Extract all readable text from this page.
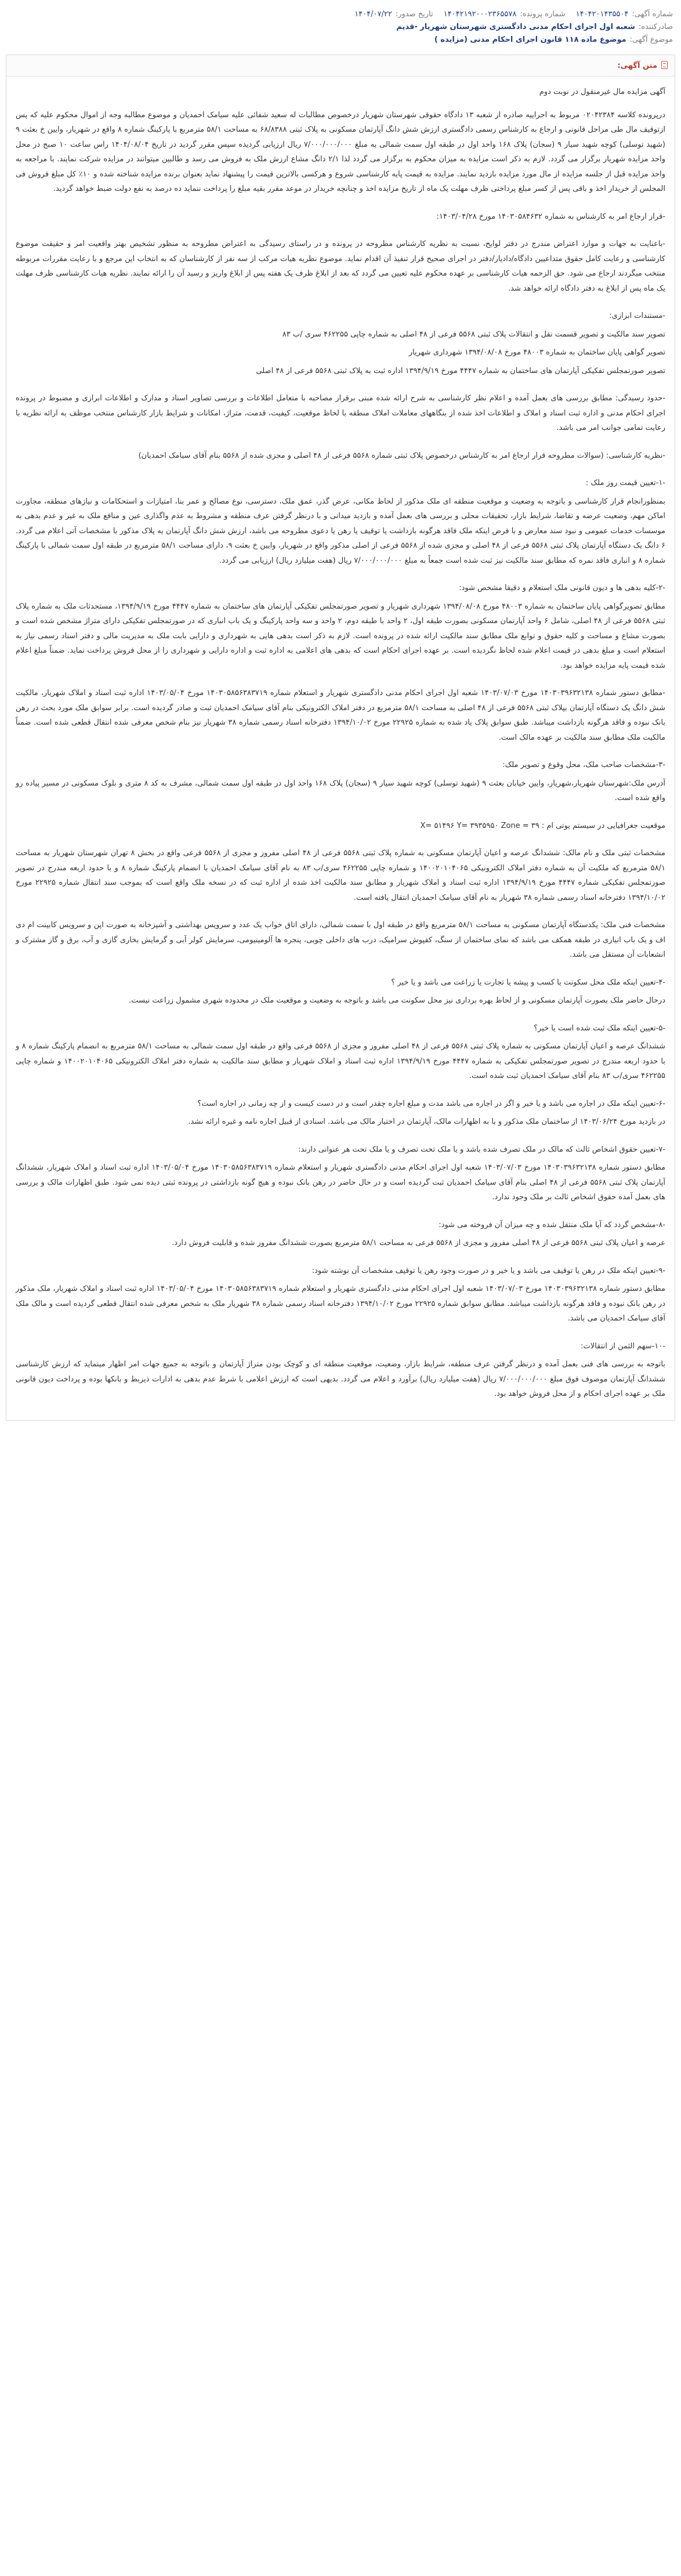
شماره آگهی:
۱۴۰۴۲۰۱۴۳۵۵۰۴
شماره پرونده:
۱۴۰۴۲۱۹۲۰۰۰۲۳۶۵۵۷۸
تاریخ صدور:
۱۴۰۴/۰۷/۲۲
صادرکننده:
شعبه اول اجرای احکام مدنی دادگستری شهرستان شهریار -قدیم
موضوع آگهی:
موضوع ماده ۱۱۸ قانون اجرای احکام مدنی (مزایده )
متن آگهی:

آگهی مزایده مال غیرمنقول در نوبت دوم

درپرونده کلاسه ۰۲۰۴۲۳۸۴ مربوط به اجراییه صادره از شعبه ۱۳ دادگاه حقوقی شهرستان شهریار درخصوص مطالبات له سعید شفائی علیه سیامک احمدیان و موضوع مطالبه وجه از اموال محکوم علیه که پس ازتوقیف مال طی مراحل قانونی و ارجاع به کارشناس رسمی دادگستری ارزش شش دانگ آپارتمان مسکونی به پلاک ثبتی ۶۸/۸۳۸۸ به مساحت ۵۸/۱ مترمربع با پارکینگ شماره ۸ واقع در شهریار، وایین خ بعثت ۹ (شهید توسلی) کوچه شهید سیار ۹ (سجان) پلاک ۱۶۸ واحد اول در طبقه اول سمت شمالی به مبلغ ۷/۰۰۰/۰۰۰/۰۰۰ ریال ارزیابی گردیده سپس مقرر گردید در تاریخ ۱۴۰۴/۰۸/۰۴ راس ساعت ۱۰ صبح در محل واحد مزایده شهریار برگزار می گردد. لازم به ذکر است مزایده به میزان محکوم به برگزار می گردد لذا ۲/۱ دانگ مشاع ارزش ملک به فروش می رسد و طالبین میتوانند در مزایده شرکت نمایند. با مراجعه به واحد مزایده قبل از جلسه مزایده از مال مورد مزایده بازدید نمایند. مزایده به قیمت پایه کارشناسی شروع و هرکسی بالاترین قیمت را پیشنهاد نماید بعنوان برنده مزایده شناخته شده و ۱۰٪ کل مبلغ فروش فی المجلس از خریدار اخذ و باقی پس از کسر مبلغ پرداختی ظرف مهلت یک ماه از تاریخ مزایده اخذ و چنانچه خریدار در موعد مقرر بقیه مبلغ را پرداخت ننماید ده درصد به نفع دولت ضبط خواهد گردید.

-قرار ارجاع امر به کارشناس به شماره ۱۴۰۳۰۵۸۴۶۳۲ مورخ ۱۴۰۳/۰۴/۲۸:

-باعنایت به جهات و موارد اعتراض مندرج در دفتر لوایح، نسبت به نظریه کارشناس مطروحه در پرونده و در راستای رسیدگی به اعتراض مطروحه به منظور تشخیص بهتر واقعیت امر و حقیقت موضوع کارشناسی و رعایت کامل حقوق متداعیین دادگاه/داديار/دفتر در اجرای صحیح قرار تنفیذ آن اقدام نماید. موضوع نظریه هیات مرکب از سه نفر از کارشناسان که به انتخاب این مرجع و با رعایت مقررات مربوطه منتخب میگردند ارجاع می شود. حق الزحمه هیات کارشناسی بر عهده محکوم علیه تعیین می گردد که بعد از ابلاغ ظرف یک هفته پس از ابلاغ واریز و رسید آن را ارائه نمایند. نظریه هیات کارشناسی ظرف مهلت یک ماه پس از ابلاغ به دفتر دادگاه ارائه خواهد شد.

-مستندات ابرازی:

تصویر سند مالکیت و تصویر قسمت نقل و انتقالات پلاک ثبتی ۵۵۶۸ فرعی از ۴۸ اصلی به شماره چاپی ۴۶۲۲۵۵ سری /ب ۸۳

تصویر گواهی پایان ساختمان به شماره ۴۸۰۰۳ مورخ ۱۳۹۴/۰۸/۰۸ شهرداری شهریار

تصویر صورتمجلس تفکیکی آپارتمان های ساختمان به شماره ۴۴۴۷ مورخ ۱۳۹۴/۹/۱۹ اداره ثبت به پلاک ثبتی ۵۵۶۸ فرعی از ۴۸ اصلی

-حدود رسیدگی: مطابق بررسی های بعمل آمده و اعلام نظر کارشناسی به شرح ارائه شده مبنی برقرار مصاحبه با متعامل اطلاعات و بررسی تصاویر اسناد و مدارک و اطلاعات ابرازی و مضبوط در پرونده اجرای احکام مدنی و اداره ثبت اسناد و املاک و اطلاعات اخذ شده از بنگاههای معاملات املاک منطقه با لحاظ موقعیت، کیفیت، قدمت، متراژ، امکانات و شرایط بازار کارشناس منتخب موظف به ارائه نظریه با رعایت تمامی جوانب امر می باشد.

-نظریه کارشناسی: (سوالات مطروحه قرار ارجاع امر به کارشناس درخصوص پلاک ثبتی شماره ۵۵۶۸ فرعی از ۴۸ اصلی و مجزی شده از ۵۵۶۸ بنام آقای سیامک احمدیان)

-۱-تعیین قیمت روز ملک :

بمنظورانجام قرار کارشناسی و باتوجه به وضعیت و موقعیت منطقه ای ملک مذکور از لحاظ مکانی، عرض گذر، عمق ملک، دسترسی، نوع مصالح و عمر بنا، امتیازات و استحکامات و نیازهای منطقه، مجاورت اماکن مهم، وضعیت عرضه و تقاضا، شرایط بازار، تحقیقات محلی و بررسی های بعمل آمده و بازدید میدانی و با درنظر گرفتن عرف منطقه و مشروط به عدم واگذاری عین و منافع ملک به غیر و عدم بدهی به موسسات خدمات عمومی و نبود سند معارض و با فرض اینکه ملک فاقد هرگونه بازداشت یا توقیف یا رهن یا دعوی مطروحه می باشد، ارزش شش دانگ آپارتمان به پلاک مذکور با مشخصات آتی اعلام می گردد. ۶ دانگ یک دستگاه آپارتمان پلاک ثبتی ۵۵۶۸ فرعی از ۴۸ اصلی و مجزی شده از ۵۵۶۸ فرعی از اصلی مذکور واقع در شهریار، وایین خ بعثت ۹، دارای مساحت ۵۸/۱ مترمربع در طبقه اول سمت شمالی با پارکینگ شماره ۸ و انباری فاقد نمره که مطابق سند مالکیت نیز ثبت شده است جمعاً به مبلغ ۷/۰۰۰/۰۰۰/۰۰۰ ریال (هفت میلیارد ریال) ارزیابی می گردد.

-۲-کلیه بدهی ها و دیون قانونی ملک استعلام و دقیقا مشخص شود:

مطابق تصویرگواهی پایان ساختمان به شماره ۴۸۰۰۳ مورخ ۱۳۹۴/۰۸/۰۸ شهرداری شهریار و تصویر صورتمجلس تفکیکی آپارتمان های ساختمان به شماره ۴۴۴۷ مورخ ۱۳۹۴/۹/۱۹، مستحدثات ملک به شماره پلاک ثبتی ۵۵۶۸ فرعی از ۴۸ اصلی، شامل ۶ واحد آپارتمان مسکونی بصورت طبقه اول، ۲ واحد با طبقه دوم، ۲ واحد و سه واحد پارکینگ و یک باب انباری که در صورتمجلس تفکیکی دارای متراژ مشخص شده است و بصورت مشاع و مساحت و کلیه حقوق و توابع ملک مطابق سند مالکیت ارائه شده در پرونده است. لازم به ذکر است بدهی هایی به شهرداری و دارایی بابت ملک به مدیریت مالی و دفتر اسناد رسمی نیاز به استعلام است و مبلغ بدهی در قیمت اعلام شده لحاظ نگردیده است. بر عهده اجرای احکام است که بدهی های اعلامی به اداره ثبت و اداره دارایی و شهرداری را از محل فروش پرداخت نماید. ضمناً مبلغ اعلام شده قیمت پایه مزایده خواهد بود.

-مطابق دستور شماره ۱۴۰۳۰۳۹۶۳۲۱۳۸ مورخ ۱۴۰۳/۰۷/۰۳ شعبه اول اجرای احکام مدنی دادگستری شهریار و استعلام شماره ۱۴۰۳۰۵۸۵۶۳۸۳۷۱۹ مورخ ۱۴۰۳/۰۵/۰۴ اداره ثبت اسناد و املاک شهریار، مالکیت شش دانگ یک دستگاه آپارتمان بپلاک ثبتی ۵۵۶۸ فرعی از ۴۸ اصلی به مساحت ۵۸/۱ مترمربع در دفتر املاک الکترونیکی بنام آقای سیامک احمدیان ثبت و صادر گردیده است. برابر سوابق ملک مورد بحث در رهن بانک نبوده و فاقد هرگونه بازداشت میباشد. طبق سوابق پلاک یاد شده به شماره ۲۲۹۲۵ مورخ ۱۳۹۴/۱۰/۰۲ دفترخانه اسناد رسمی شماره ۳۸ شهریار نیز بنام شخص معرفی شده انتقال قطعی شده است. ضمناً مالکیت ملک مطابق سند مالکیت بر عهده مالک است.

-۳-مشخصات صاحب ملک، محل وقوع و تصویر ملک:

آدرس ملک:شهرستان شهریار،شهریار، وایین خیابان بعثت ۹ (شهید توسلی) کوچه شهید سیار ۹ (سجان) پلاک ۱۶۸ واحد اول در طبقه اول سمت شمالی، مشرف به کد ۸ متری و بلوک مسکونی در مسیر پیاده رو واقع شده است.

موقعیت جغرافیایی در سیستم یوتی ام : X= ۵۱۴۹۶ Y= ۳۹۳۵۹۵۰ Zone = ۳۹

مشخصات ثبتی ملک و نام مالک: ششدانگ عرصه و اعیان آپارتمان مسکونی به شماره پلاک ثبتی ۵۵۶۸ فرعی از ۴۸ اصلی مفروز و مجزی از ۵۵۶۸ فرعی واقع در بخش ۸ تهران شهرستان شهریار به مساحت ۵۸/۱ مترمربع که ملکیت آن به شماره دفتر املاک الکترونیکی ۱۴۰۰۲۰۱۰۴۰۶۵ و شماره چاپی ۴۶۲۲۵۵ سری/ب ۸۳ به نام آقای سیامک احمدیان با انضمام پارکینگ شماره ۸ و با حدود اربعه مندرج در تصویر صورتمجلس تفکیکی شماره ۴۴۴۷ مورخ ۱۳۹۴/۹/۱۹ اداره ثبت اسناد و املاک شهریار و مطابق سند مالکیت اخذ شده از اداره ثبت که در نسخه ملک واقع است که بموجب سند انتقال شماره ۲۲۹۲۵ مورخ ۱۳۹۴/۱۰/۰۲ دفترخانه اسناد رسمی شماره ۳۸ شهریار به نام آقای سیامک احمدیان انتقال یافته است.

مشخصات فنی ملک: یکدستگاه آپارتمان مسکونی به مساحت ۵۸/۱ مترمربع واقع در طبقه اول با سمت شمالی، دارای اتاق خواب یک عدد و سرویس بهداشتی و آشپزخانه به صورت اپن و سرویس کابینت ام دی اف و یک باب انباری در طبقه همکف می باشد که نمای ساختمان از سنگ، کفپوش سرامیک، درب های داخلی چوبی، پنجره ها آلومینیومی، سرمایش کولر آبی و گرمایش بخاری گازی و آب، برق و گاز مشترک و انشعابات آن مستقل می باشد.

-۴-تعیین اینکه ملک محل سکونت یا کسب و پیشه یا تجارت یا زراعت می باشد و یا خیر ؟

درحال حاضر ملک بصورت آپارتمان مسکونی و از لحاظ بهره برداری نیز محل سکونت می باشد و باتوجه به وضعیت و موقعیت ملک در محدوده شهری مشمول زراعت نیست.

-۵-تعیین اینکه ملک ثبت شده است یا خیر؟

ششدانگ عرصه و اعیان آپارتمان مسکونی به شماره پلاک ثبتی ۵۵۶۸ فرعی از ۴۸ اصلی مفروز و مجزی از ۵۵۶۸ فرعی واقع در طبقه اول سمت شمالی به مساحت ۵۸/۱ مترمربع به انضمام پارکینگ شماره ۸ و با حدود اربعه مندرج در تصویر صورتمجلس تفکیکی به شماره ۴۴۴۷ مورخ ۱۳۹۴/۹/۱۹ اداره ثبت اسناد و املاک شهریار و مطابق سند مالکیت به شماره دفتر املاک الکترونیکی ۱۴۰۰۲۰۱۰۴۰۶۵ و شماره چاپی ۴۶۲۲۵۵ سری/ب ۸۳ بنام آقای سیامک احمدیان ثبت شده است.

-۶-تعیین اینکه ملک در اجاره می باشد و یا خیر و اگر در اجاره می باشد مدت و مبلغ اجاره چقدر است و در دست کیست و از چه زمانی در اجاره است؟

در بازدید مورخ ۱۴۰۳/۰۶/۲۴ از ساختمان ملک مذکور و با به اظهارات مالک، آپارتمان در اختیار مالک می باشد. اسنادی از قبیل اجاره نامه و غیره ارائه نشد.

-۷-تعیین حقوق اشخاص ثالث که مالک در ملک تصرف شده باشد و یا ملک تحت تصرف و یا ملک تحت هر عنوانی دارند:

مطابق دستور شماره ۱۴۰۳۰۳۹۶۳۲۱۳۸ مورخ ۱۴۰۳/۰۷/۰۳ شعبه اول اجرای احکام مدنی دادگستری شهریار و استعلام شماره ۱۴۰۳۰۵۸۵۶۳۸۳۷۱۹ مورخ ۱۴۰۳/۰۵/۰۴ اداره ثبت اسناد و املاک شهریار، ششدانگ آپارتمان پلاک ثبتی ۵۵۶۸ فرعی از ۴۸ اصلی بنام آقای سیامک احمدیان ثبت گردیده است و در حال حاضر در رهن بانک نبوده و هیچ گونه بازداشتی در پرونده ثبتی دیده نمی شود. طبق اظهارات مالک و بررسی های بعمل آمده حقوق اشخاص ثالث بر ملک وجود ندارد.

-۸-مشخص گردد که آیا ملک منتقل شده و چه میزان آن فروخته می شود:

عرصه و اعیان پلاک ثبتی ۵۵۶۸ فرعی از ۴۸ اصلی مفروز و مجزی از ۵۵۶۸ فرعی به مساحت ۵۸/۱ مترمربع بصورت ششدانگ مفروز شده و قابلیت فروش دارد.

-۹-تعیین اینکه ملک در رهن یا توقیف می باشد و یا خیر و در صورت وجود رهن یا توقیف مشخصات آن نوشته شود:

مطابق دستور شماره ۱۴۰۳۰۳۹۶۳۲۱۳۸ مورخ ۱۴۰۳/۰۷/۰۳ شعبه اول اجرای احکام مدنی دادگستری شهریار و استعلام شماره ۱۴۰۳۰۵۸۵۶۳۸۳۷۱۹ مورخ ۱۴۰۳/۰۵/۰۴ اداره ثبت اسناد و املاک شهریار، ملک مذکور در رهن بانک نبوده و فاقد هرگونه بازداشت میباشد. مطابق سوابق شماره ۲۲۹۲۵ مورخ ۱۳۹۴/۱۰/۰۲ دفترخانه اسناد رسمی شماره ۳۸ شهریار ملک به شخص معرفی شده انتقال قطعی گردیده است و مالک ملک آقای سیامک احمدیان می باشد.

-۱۰-سهم الثمن از انتقالات:

باتوجه به بررسی های فنی بعمل آمده و درنظر گرفتن عرف منطقه، شرایط بازار، وضعیت، موقعیت منطقه ای و کوچک بودن متراژ آپارتمان و باتوجه به جمیع جهات امر اظهار مینماید که ارزش کارشناسی ششدانگ آپارتمان موصوف فوق مبلغ ۷/۰۰۰/۰۰۰/۰۰۰ ریال (هفت میلیارد ریال) برآورد و اعلام می گردد. بدیهی است که ارزش اعلامی با شرط عدم بدهی به ادارات ذیربط و بانکها بوده و پرداخت دیون قانونی ملک بر عهده اجرای احکام و از محل فروش خواهد بود.
